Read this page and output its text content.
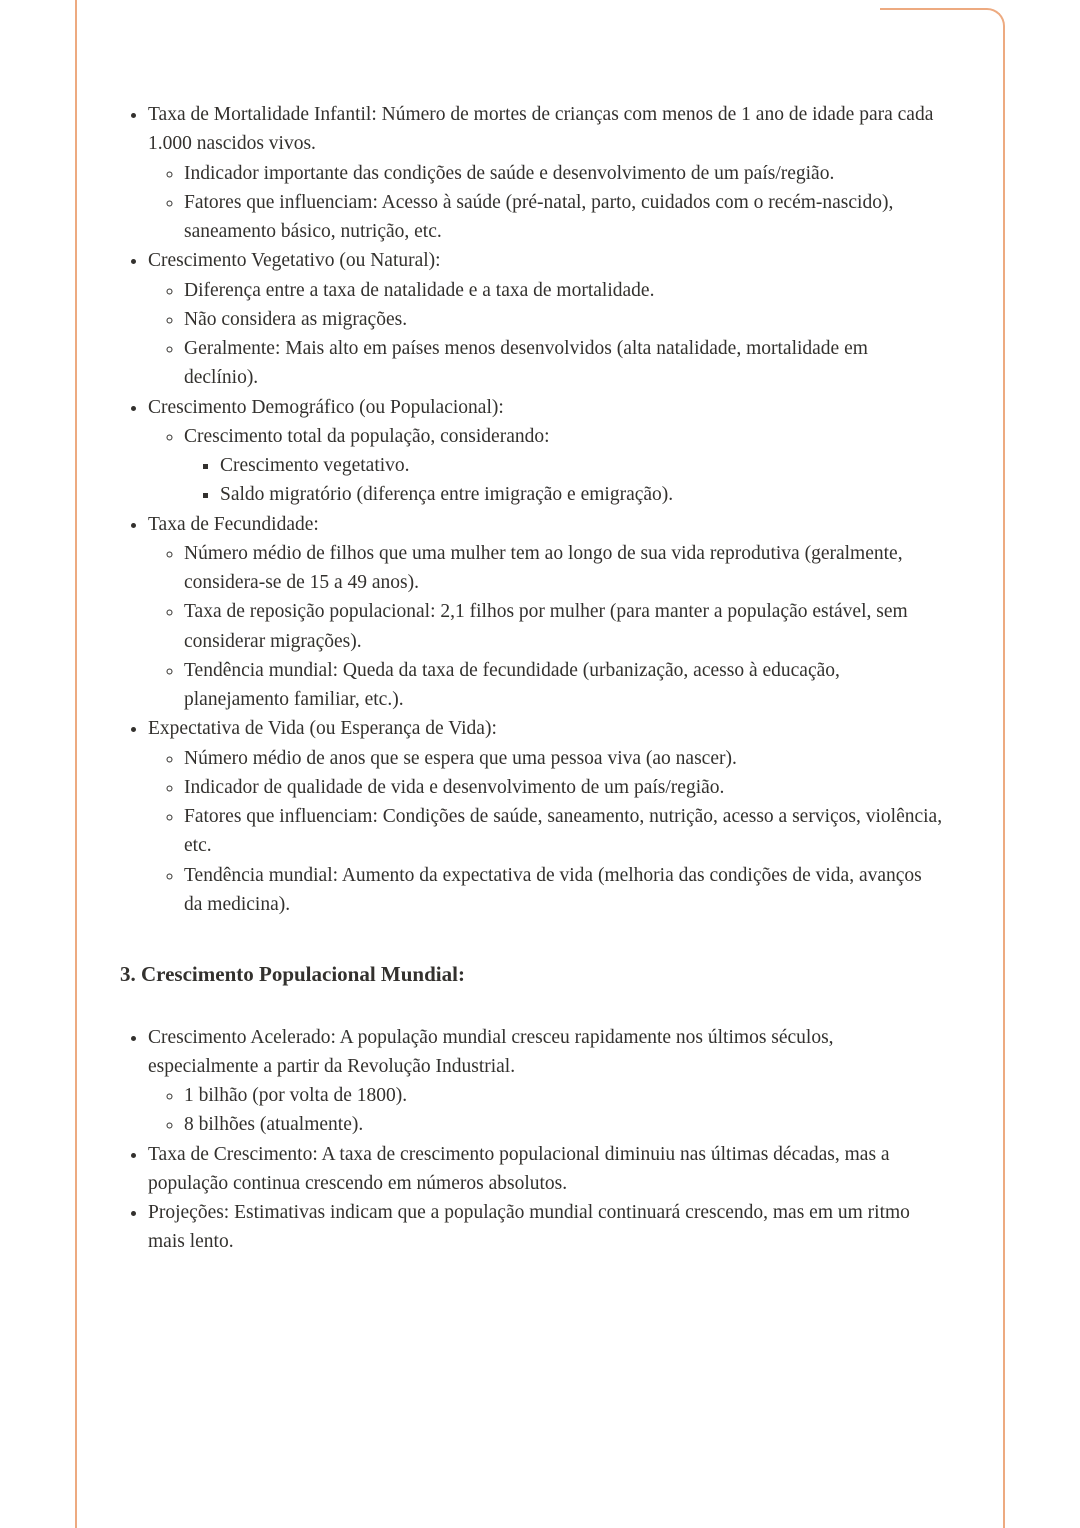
• Taxa de Mortalidade Infantil: Número de mortes de crianças com menos de 1 ano de idade para cada 1.000 nascidos vivos.
◦ Indicador importante das condições de saúde e desenvolvimento de um país/região.
◦ Fatores que influenciam: Acesso à saúde (pré-natal, parto, cuidados com o recém-nascido), saneamento básico, nutrição, etc.
• Crescimento Vegetativo (ou Natural):
◦ Diferença entre a taxa de natalidade e a taxa de mortalidade.
◦ Não considera as migrações.
◦ Geralmente: Mais alto em países menos desenvolvidos (alta natalidade, mortalidade em declínio).
• Crescimento Demográfico (ou Populacional):
◦ Crescimento total da população, considerando:
▪ Crescimento vegetativo.
▪ Saldo migratório (diferença entre imigração e emigração).
• Taxa de Fecundidade:
◦ Número médio de filhos que uma mulher tem ao longo de sua vida reprodutiva (geralmente, considera-se de 15 a 49 anos).
◦ Taxa de reposição populacional: 2,1 filhos por mulher (para manter a população estável, sem considerar migrações).
◦ Tendência mundial: Queda da taxa de fecundidade (urbanização, acesso à educação, planejamento familiar, etc.).
• Expectativa de Vida (ou Esperança de Vida):
◦ Número médio de anos que se espera que uma pessoa viva (ao nascer).
◦ Indicador de qualidade de vida e desenvolvimento de um país/região.
◦ Fatores que influenciam: Condições de saúde, saneamento, nutrição, acesso a serviços, violência, etc.
◦ Tendência mundial: Aumento da expectativa de vida (melhoria das condições de vida, avanços da medicina).
3. Crescimento Populacional Mundial:
• Crescimento Acelerado: A população mundial cresceu rapidamente nos últimos séculos, especialmente a partir da Revolução Industrial.
◦ 1 bilhão (por volta de 1800).
◦ 8 bilhões (atualmente).
• Taxa de Crescimento: A taxa de crescimento populacional diminuiu nas últimas décadas, mas a população continua crescendo em números absolutos.
• Projeções: Estimativas indicam que a população mundial continuará crescendo, mas em um ritmo mais lento.
